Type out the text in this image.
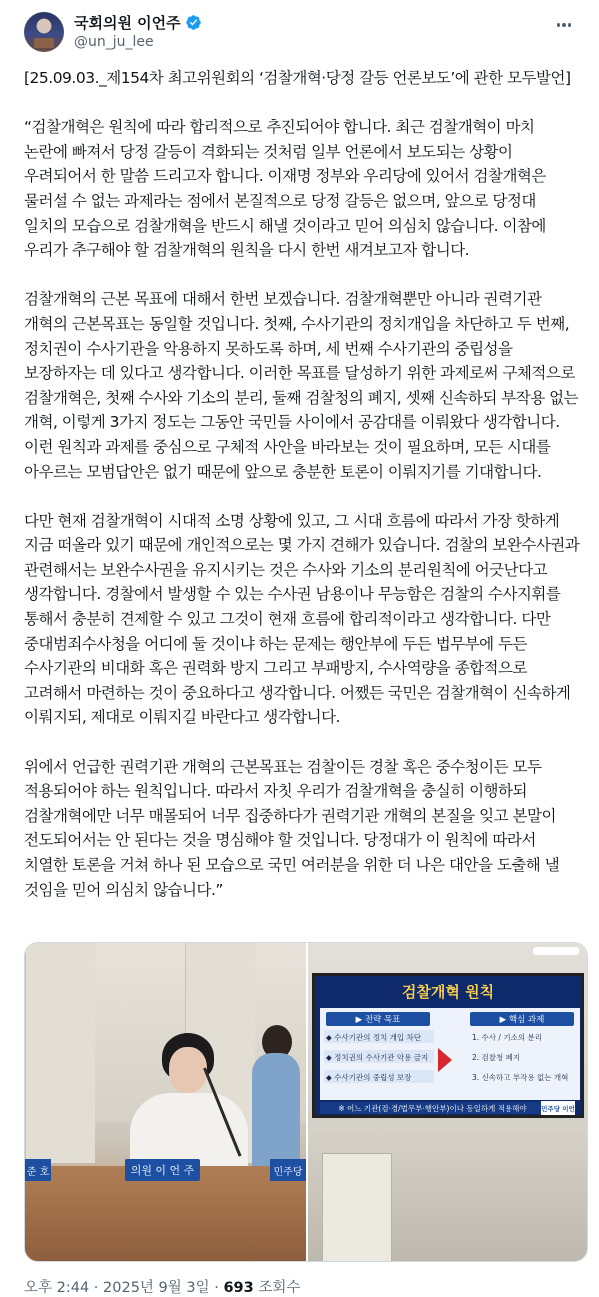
국회의원 이언주
@un_ju_lee

[25.09.03._제154차 최고위원회의 ‘검찰개혁·당정 갈등 언론보도’에 관한 모두발언]

“검찰개혁은 원칙에 따라 합리적으로 추진되어야 합니다. 최근 검찰개혁이 마치 논란에 빠져서 당정 갈등이 격화되는 것처럼 일부 언론에서 보도되는 상황이 우려되어서 한 말씀 드리고자 합니다. 이재명 정부와 우리당에 있어서 검찰개혁은 물러설 수 없는 과제라는 점에서 본질적으로 당정 갈등은 없으며, 앞으로 당정대 일치의 모습으로 검찰개혁을 반드시 해낼 것이라고 믿어 의심치 않습니다. 이참에 우리가 추구해야 할 검찰개혁의 원칙을 다시 한번 새겨보고자 합니다.

검찰개혁의 근본 목표에 대해서 한번 보겠습니다. 검찰개혁뿐만 아니라 권력기관 개혁의 근본목표는 동일할 것입니다. 첫째, 수사기관의 정치개입을 차단하고 두 번째, 정치권이 수사기관을 악용하지 못하도록 하며, 세 번째 수사기관의 중립성을 보장하자는 데 있다고 생각합니다. 이러한 목표를 달성하기 위한 과제로써 구체적으로 검찰개혁은, 첫째 수사와 기소의 분리, 둘째 검찰청의 폐지, 셋째 신속하되 부작용 없는 개혁, 이렇게 3가지 정도는 그동안 국민들 사이에서 공감대를 이뤄왔다 생각합니다. 이런 원칙과 과제를 중심으로 구체적 사안을 바라보는 것이 필요하며, 모든 시대를 아우르는 모범답안은 없기 때문에 앞으로 충분한 토론이 이뤄지기를 기대합니다.

다만 현재 검찰개혁이 시대적 소명 상황에 있고, 그 시대 흐름에 따라서 가장 핫하게 지금 떠올라 있기 때문에 개인적으로는 몇 가지 견해가 있습니다. 검찰의 보완수사권과 관련해서는 보완수사권을 유지시키는 것은 수사와 기소의 분리원칙에 어긋난다고 생각합니다. 경찰에서 발생할 수 있는 수사권 남용이나 무능함은 검찰의 수사지휘를 통해서 충분히 견제할 수 있고 그것이 현재 흐름에 합리적이라고 생각합니다. 다만 중대범죄수사청을 어디에 둘 것이냐 하는 문제는 행안부에 두든 법무부에 두든 수사기관의 비대화 혹은 권력화 방지 그리고 부패방지, 수사역량을 종합적으로 고려해서 마련하는 것이 중요하다고 생각합니다. 어쨌든 국민은 검찰개혁이 신속하게 이뤄지되, 제대로 이뤄지길 바란다고 생각합니다.

위에서 언급한 권력기관 개혁의 근본목표는 검찰이든 경찰 혹은 중수청이든 모두 적용되어야 하는 원칙입니다. 따라서 자칫 우리가 검찰개혁을 충실히 이행하되 검찰개혁에만 너무 매몰되어 너무 집중하다가 권력기관 개혁의 본질을 잊고 본말이 전도되어서는 안 된다는 것을 명심해야 할 것입니다. 당정대가 이 원칙에 따라서 치열한 토론을 거쳐 하나 된 모습으로 국민 여러분을 위한 더 나은 대안을 도출해 낼 것임을 믿어 의심치 않습니다.”

준 호	의원 이 언 주	민주당
검찰개혁 원칙
▶ 전략 목표	▶ 핵심 과제
◆ 수사기관의 정치 개입 차단
◆ 정치권의 수사기관 악용 금지
◆ 수사기관의 중립성 보장
1. 수사 / 기소의 분리
2. 검찰청 폐지
3. 신속하고 부작용 없는 개혁
※ 어느 기관(검·경/법무부·행안부)이나 동일하게 적용해야	민주당 이언
오후 2:44 · 2025년 9월 3일 · 693 조회수
